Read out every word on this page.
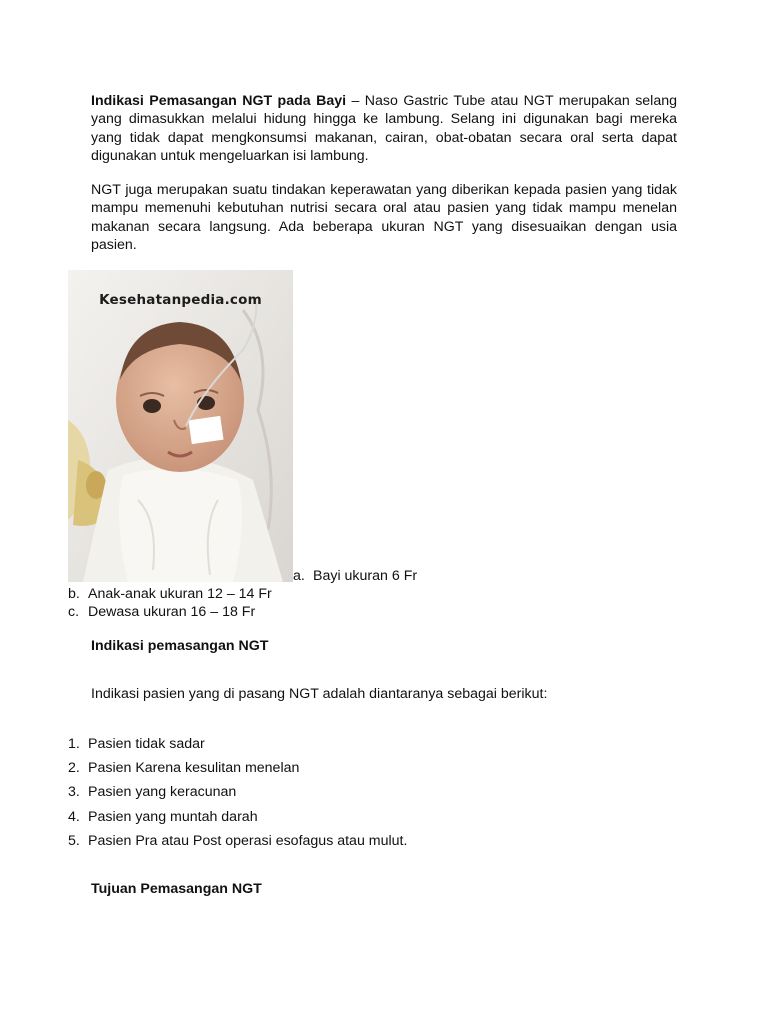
Indikasi Pemasangan NGT pada Bayi – Naso Gastric Tube atau NGT merupakan selang yang dimasukkan melalui hidung hingga ke lambung. Selang ini digunakan bagi mereka yang tidak dapat mengkonsumsi makanan, cairan, obat-obatan secara oral serta dapat digunakan untuk mengeluarkan isi lambung.

NGT juga merupakan suatu tindakan keperawatan yang diberikan kepada pasien yang tidak mampu memenuhi kebutuhan nutrisi secara oral atau pasien yang tidak mampu menelan makanan secara langsung. Ada beberapa ukuran NGT yang disesuaikan dengan usia pasien.

Kesehatanpedia.com

a. Bayi ukuran 6 Fr

b. Anak-anak ukuran 12 – 14 Fr

c. Dewasa ukuran 16 – 18 Fr

Indikasi pemasangan NGT

Indikasi pasien yang di pasang NGT adalah diantaranya sebagai berikut:

1. Pasien tidak sadar
2. Pasien Karena kesulitan menelan
3. Pasien yang keracunan
4. Pasien yang muntah darah
5. Pasien Pra atau Post operasi esofagus atau mulut.

Tujuan Pemasangan NGT
